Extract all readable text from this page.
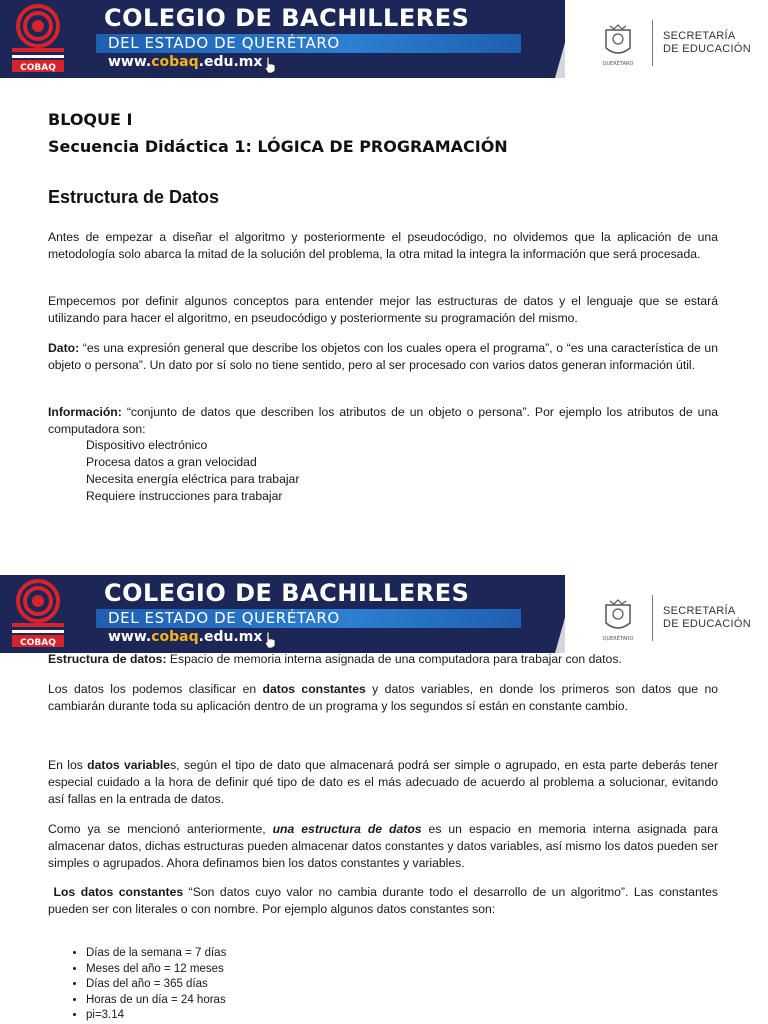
COBAQ
COLEGIO DE BACHILLERES
DEL ESTADO DE QUERÉTARO
www.cobaq.edu.mx	QUERÉTARO
SECRETARÍA
DE EDUCACIÓN
BLOQUE I
Secuencia Didáctica 1: LÓGICA DE PROGRAMACIÓN
Estructura de Datos
Antes de empezar a diseñar el algoritmo y posteriormente el pseudocódigo, no olvidemos que la aplicación de una metodología solo abarca la mitad de la solución del problema, la otra mitad la integra la información que será procesada.
Empecemos por definir algunos conceptos para entender mejor las estructuras de datos y el lenguaje que se estará utilizando para hacer el algoritmo, en pseudocódigo y posteriormente su programación del mismo.
Dato: “es una expresión general que describe los objetos con los cuales opera el programa”, o “es una característica de un objeto o persona”. Un dato por sí solo no tiene sentido, pero al ser procesado con varios datos generan información útil.
Información: “conjunto de datos que describen los atributos de un objeto o persona”. Por ejemplo los atributos de una computadora son:
Dispositivo electrónico
Procesa datos a gran velocidad
Necesita energía eléctrica para trabajar
Requiere instrucciones para trabajar
COBAQ
COLEGIO DE BACHILLERES
DEL ESTADO DE QUERÉTARO
www.cobaq.edu.mx	QUERÉTARO
SECRETARÍA
DE EDUCACIÓN
Estructura de datos: Espacio de memoria interna asignada de una computadora para trabajar con datos.
Los datos los podemos clasificar en datos constantes y datos variables, en donde los primeros son datos que no cambiarán durante toda su aplicación dentro de un programa y los segundos sí están en constante cambio.
En los datos variables, según el tipo de dato que almacenará podrá ser simple o agrupado, en esta parte deberás tener especial cuidado a la hora de definir qué tipo de dato es el más adecuado de acuerdo al problema a solucionar, evitando así fallas en la entrada de datos.
Como ya se mencionó anteriormente, una estructura de datos es un espacio en memoria interna asignada para almacenar datos, dichas estructuras pueden almacenar datos constantes y datos variables, así mismo los datos pueden ser simples o agrupados. Ahora definamos bien los datos constantes y variables.
Los datos constantes “Son datos cuyo valor no cambia durante todo el desarrollo de un algoritmo”. Las constantes pueden ser con literales o con nombre. Por ejemplo algunos datos constantes son:
• Días de la semana = 7 días
• Meses del año = 12 meses
• Días del año = 365 días
• Horas de un día = 24 horas
• pi=3.14
